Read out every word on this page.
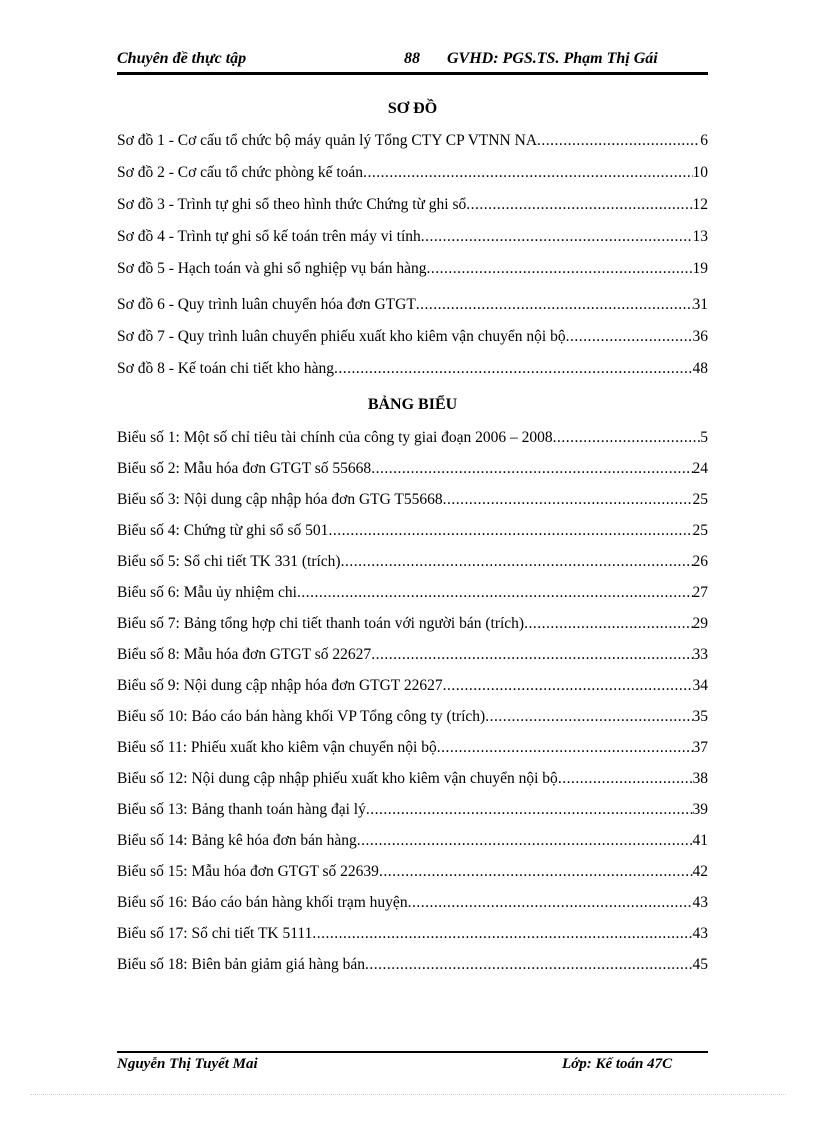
Chuyên đề thực tập	88 GVHD: PGS.TS. Phạm Thị Gái
SƠ ĐỒ
Sơ đồ 1 - Cơ cấu tổ chức bộ máy quản lý Tổng CTY CP VTNN NA .....	6
Sơ đồ 2 - Cơ cấu tổ chức phòng kế toán .....	10
Sơ đồ 3 - Trình tự ghi sổ theo hình thức Chứng từ ghi sổ .....	12
Sơ đồ 4 - Trình tự ghi sổ kế toán trên máy vi tính .....	13
Sơ đồ 5 - Hạch toán và ghi sổ nghiệp vụ bán hàng .....	19
Sơ đồ 6 - Quy trình luân chuyển hóa đơn GTGT .....	31
Sơ đồ 7 - Quy trình luân chuyển phiếu xuất kho kiêm vận chuyển nội bộ .....	36
Sơ đồ 8 - Kế toán chi tiết kho hàng .....	48
BẢNG BIỂU
Biểu số 1: Một số chỉ tiêu tài chính của công ty giai đoạn 2006 – 2008 .....	5
Biểu số 2: Mẫu hóa đơn GTGT số 55668 .....	24
Biểu số 3: Nội dung cập nhập hóa đơn GTG T55668 .....	25
Biểu số 4: Chứng từ ghi sổ số 501 .....	25
Biểu số 5: Sổ chi tiết TK 331 (trích) .....	26
Biểu số 6: Mẫu ủy nhiệm chi .....	27
Biểu số 7: Bảng tổng hợp chi tiết thanh toán với người bán (trích) .....	29
Biểu số 8: Mẫu hóa đơn GTGT số 22627 .....	33
Biểu số 9: Nội dung cập nhập hóa đơn GTGT 22627 .....	34
Biểu số 10: Báo cáo bán hàng khối VP Tổng công ty (trích) .....	35
Biểu số 11: Phiếu xuất kho kiêm vận chuyển nội bộ .....	37
Biểu số 12: Nội dung cập nhập phiếu xuất kho kiêm vận chuyển nội bộ .....	38
Biểu số 13: Bảng thanh toán hàng đại lý .....	39
Biểu số 14: Bảng kê hóa đơn bán hàng .....	41
Biểu số 15: Mẫu hóa đơn GTGT số 22639 .....	42
Biểu số 16: Báo cáo bán hàng khối trạm huyện .....	43
Biểu số 17: Sổ chi tiết TK 5111 .....	43
Biểu số 18: Biên bản giảm giá hàng bán .....	45
Nguyễn Thị Tuyết Mai	Lớp: Kế toán 47C
